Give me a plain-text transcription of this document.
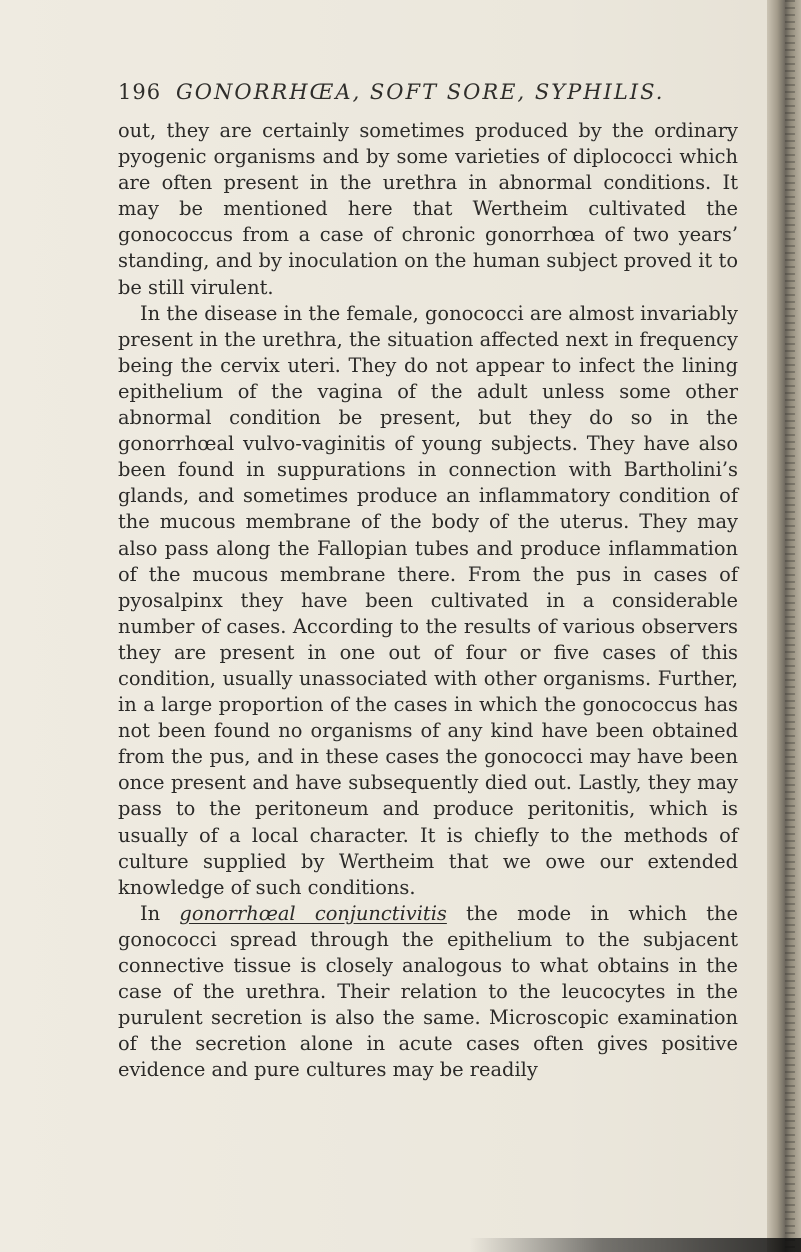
196 GONORRHŒA, SOFT SORE, SYPHILIS.

out, they are certainly sometimes produced by the ordinary pyogenic organisms and by some varieties of diplococci which are often present in the urethra in abnormal conditions. It may be mentioned here that Wertheim cultivated the gonococcus from a case of chronic gonorrhœa of two years’ standing, and by inoculation on the human subject proved it to be still virulent.

In the disease in the female, gonococci are almost invariably present in the urethra, the situation affected next in frequency being the cervix uteri. They do not appear to infect the lining epithelium of the vagina of the adult unless some other abnormal condition be present, but they do so in the gonorrhœal vulvo-vaginitis of young subjects. They have also been found in suppurations in connection with Bartholini’s glands, and sometimes produce an inflammatory condition of the mucous membrane of the body of the uterus. They may also pass along the Fallopian tubes and produce inflammation of the mucous membrane there. From the pus in cases of pyosalpinx they have been cultivated in a considerable number of cases. According to the results of various observers they are present in one out of four or five cases of this condition, usually unassociated with other organisms. Further, in a large proportion of the cases in which the gonococcus has not been found no organisms of any kind have been obtained from the pus, and in these cases the gonococci may have been once present and have subsequently died out. Lastly, they may pass to the peritoneum and produce peritonitis, which is usually of a local character. It is chiefly to the methods of culture supplied by Wertheim that we owe our extended knowledge of such conditions.

In gonorrhœal conjunctivitis the mode in which the gonococci spread through the epithelium to the subjacent connective tissue is closely analogous to what obtains in the case of the urethra. Their relation to the leucocytes in the purulent secretion is also the same. Microscopic examination of the secretion alone in acute cases often gives positive evidence and pure cultures may be readily
